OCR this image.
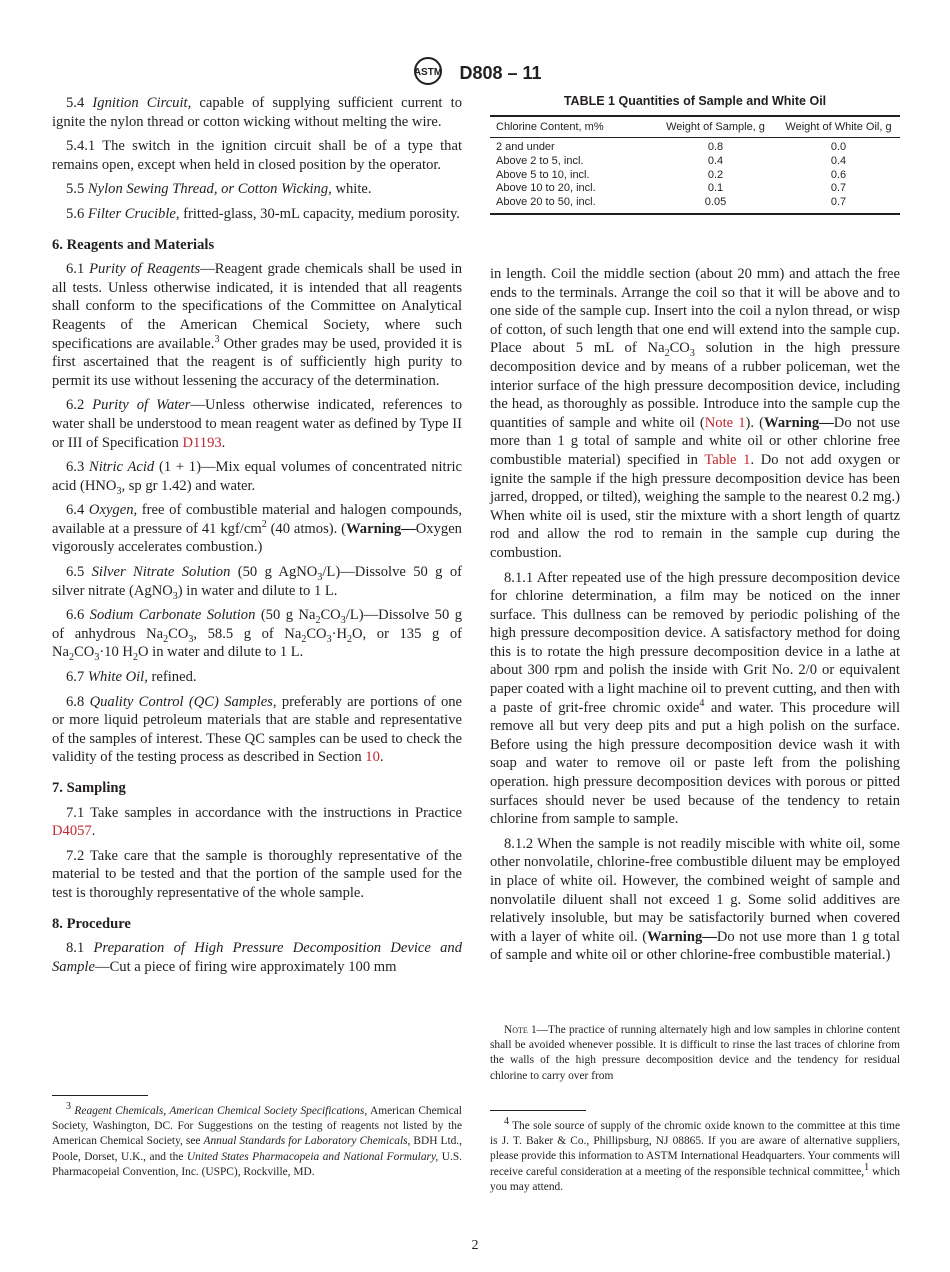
ASTM D808 – 11

5.4 Ignition Circuit, capable of supplying sufficient current to ignite the nylon thread or cotton wicking without melting the wire.

5.4.1 The switch in the ignition circuit shall be of a type that remains open, except when held in closed position by the operator.

5.5 Nylon Sewing Thread, or Cotton Wicking, white.

5.6 Filter Crucible, fritted-glass, 30-mL capacity, medium porosity.

6. Reagents and Materials

6.1 Purity of Reagents—Reagent grade chemicals shall be used in all tests. Unless otherwise indicated, it is intended that all reagents shall conform to the specifications of the Committee on Analytical Reagents of the American Chemical Society, where such specifications are available.$^3$ Other grades may be used, provided it is first ascertained that the reagent is of sufficiently high purity to permit its use without lessening the accuracy of the determination.

6.2 Purity of Water—Unless otherwise indicated, references to water shall be understood to mean reagent water as defined by Type II or III of Specification D1193.

6.3 Nitric Acid (1 + 1)—Mix equal volumes of concentrated nitric acid ($HNO_3$, sp gr 1.42) and water.

6.4 Oxygen, free of combustible material and halogen compounds, available at a pressure of 41 kgf/$cm^2$ (40 atmos). (Warning—Oxygen vigorously accelerates combustion.)

6.5 Silver Nitrate Solution (50 g AgNO$_3$/L)—Dissolve 50 g of silver nitrate (AgNO$_3$) in water and dilute to 1 L.

6.6 Sodium Carbonate Solution (50 g $Na_2CO_3/L)—Dissolve$ 50 g of anhydrous $Na_2CO_3$, 58.5 g of $Na_2CO_3\cdot H_2O$, or 135 g of $Na_2CO_3\cdot 10$ $H_2O$ in water and dilute to 1 L.

6.7 White Oil, refined.

6.8 Quality Control (QC) Samples, preferably are portions of one or more liquid petroleum materials that are stable and representative of the samples of interest. These QC samples can be used to check the validity of the testing process as described in Section 10.

7. Sampling

7.1 Take samples in accordance with the instructions in Practice D4057.

7.2 Take care that the sample is thoroughly representative of the material to be tested and that the portion of the sample used for the test is thoroughly representative of the whole sample.

8. Procedure

8.1 Preparation of High Pressure Decomposition Device and Sample—Cut a piece of firing wire approximately 100 mm

TABLE 1 Quantities of Sample and White Oil
Chlorine Content, m%	Weight of Sample, g	Weight of White Oil, g
2 and under	0.8	0.0
Above 2 to 5, incl.	0.4	0.4
Above 5 to 10, incl.	0.2	0.6
Above 10 to 20, incl.	0.1	0.7
Above 20 to 50, incl.	0.05	0.7

in length. Coil the middle section (about 20 mm) and attach the free ends to the terminals. Arrange the coil so that it will be above and to one side of the sample cup. Insert into the coil a nylon thread, or wisp of cotton, of such length that one end will extend into the sample cup. Place about 5 mL of $Na_2CO_3$ solution in the high pressure decomposition device and by means of a rubber policeman, wet the interior surface of the high pressure decomposition device, including the head, as thoroughly as possible. Introduce into the sample cup the quantities of sample and white oil (Note 1). (Warning—Do not use more than 1 g total of sample and white oil or other chlorine free combustible material) specified in Table 1. Do not add oxygen or ignite the sample if the high pressure decomposition device has been jarred, dropped, or tilted), weighing the sample to the nearest 0.2 mg.) When white oil is used, stir the mixture with a short length of quartz rod and allow the rod to remain in the sample cup during the combustion.

8.1.1 After repeated use of the high pressure decomposition device for chlorine determination, a film may be noticed on the inner surface. This dullness can be removed by periodic polishing of the high pressure decomposition device. A satisfactory method for doing this is to rotate the high pressure decomposition device in a lathe at about 300 rpm and polish the inside with Grit No. 2/0 or equivalent paper coated with a light machine oil to prevent cutting, and then with a paste of grit-free chromic oxide$^4$ and water. This procedure will remove all but very deep pits and put a high polish on the surface. Before using the high pressure decomposition device wash it with soap and water to remove oil or paste left from the polishing operation. high pressure decomposition devices with porous or pitted surfaces should never be used because of the tendency to retain chlorine from sample to sample.

8.1.2 When the sample is not readily miscible with white oil, some other nonvolatile, chlorine-free combustible diluent may be employed in place of white oil. However, the combined weight of sample and nonvolatile diluent shall not exceed 1 g. Some solid additives are relatively insoluble, but may be satisfactorily burned when covered with a layer of white oil. (Warning—Do not use more than 1 g total of sample and white oil or other chlorine-free combustible material.)

Note 1—The practice of running alternately high and low samples in chlorine content shall be avoided whenever possible. It is difficult to rinse the last traces of chlorine from the walls of the high pressure decomposition device and the tendency for residual chlorine to carry over from
$^3$ Reagent Chemicals, American Chemical Society Specifications, American Chemical Society, Washington, DC. For Suggestions on the testing of reagents not listed by the American Chemical Society, see Annual Standards for Laboratory Chemicals, BDH Ltd., Poole, Dorset, U.K., and the United States Pharmacopeia and National Formulary, U.S. Pharmacopeial Convention, Inc. (USPC), Rockville, MD.
$^4$ The sole source of supply of the chromic oxide known to the committee at this time is J. T. Baker & Co., Phillipsburg, NJ 08865. If you are aware of alternative suppliers, please provide this information to ASTM International Headquarters. Your comments will receive careful consideration at a meeting of the responsible technical committee,$^1$ which you may attend.
2
